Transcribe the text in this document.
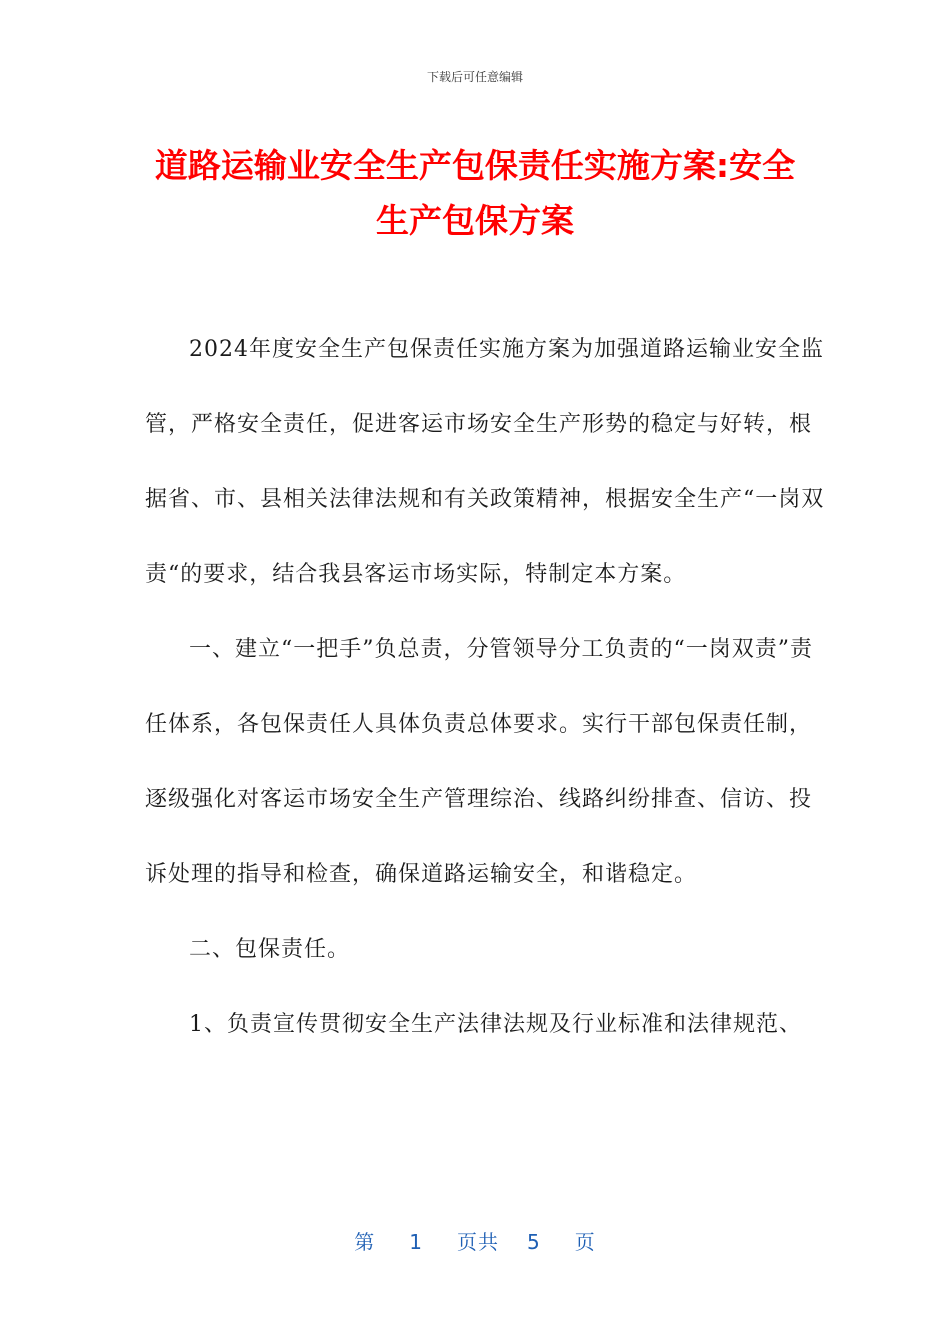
下载后可任意编辑
道路运输业安全生产包保责任实施方案:安全生产包保方案

2024年度安全生产包保责任实施方案为加强道路运输业安全监管，严格安全责任，促进客运市场安全生产形势的稳定与好转，根据省、市、县相关法律法规和有关政策精神，根据安全生产“一岗双责“的要求，结合我县客运市场实际，特制定本方案。

一、建立“一把手”负总责，分管领导分工负责的“一岗双责”责任体系，各包保责任人具体负责总体要求。实行干部包保责任制，逐级强化对客运市场安全生产管理综治、线路纠纷排查、信访、投诉处理的指导和检查，确保道路运输安全，和谐稳定。

二、包保责任。

1、负责宣传贯彻安全生产法律法规及行业标准和法律规范、

第 1 页共 5 页
